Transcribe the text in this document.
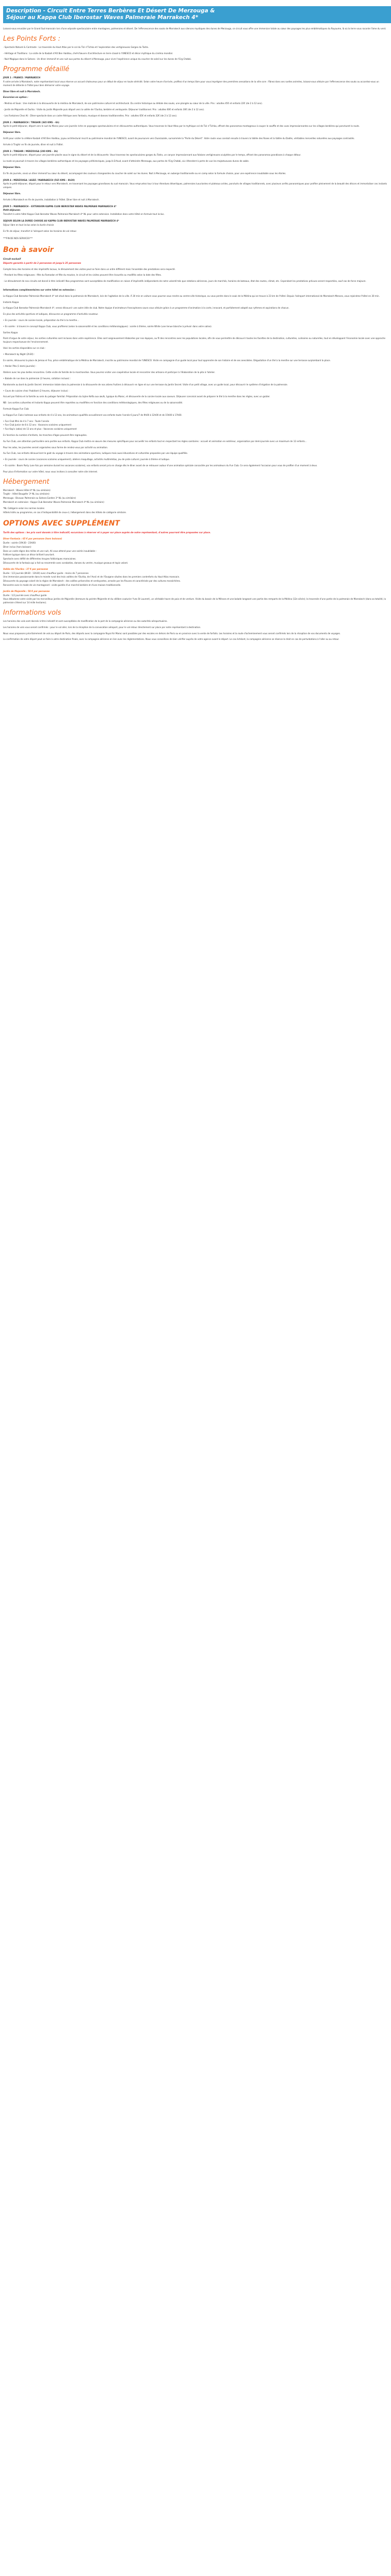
Description - Circuit Entre Terres Berbères Et Désert De Merzouga &
Séjour au Kappa Club Iberostar Waves Palmeraie Marrakech 4*

Laissez-vous envoûter par le Grand Sud marocain lors d'une odyssée spectaculaire entre montagnes, palmeraies et désert. De l'effervescence des souks de Marrakech aux silences mystiques des dunes de Merzouga, ce circuit vous offre une immersion totale au cœur des paysages les plus emblématiques du Royaume, là où la terre vous raconte l'âme du vent.

Les Points Forts :

- Spectacle Naturel & Contraste : La traversée du Haut Atlas par le col du Tizi n'Tichka et l'exploration des vertigineuses Gorges du Todra.

- Héritage et Traditions : La visite de la Kasbah d'Aït Ben Haddou, chef-d'œuvre d'architecture en terre classé à l'UNESCO et décor mythique du cinéma mondial.

- Nuit Magique dans le Sahara : Un dîner immersif et une nuit aux portes du désert à Merzouga, pour vivre l'expérience unique du coucher de soleil sur les dunes de l'Erg Chebbi.

Programme détaillé
JOUR 1 : FRANCE / MARRAKECH

À votre arrivée à Marrakech, notre représentant local vous réserve un accueil chaleureux pour un début de séjour en toute sérénité. Selon votre heure d'arrivée, profitez d'un temps libre pour vous imprégner des premières sensations de la ville ocre : flânez dans ses ruelles animées, laissez-vous séduire par l'effervescence des souks ou accordez-vous un moment de détente à l'hôtel pour bien démarrer votre voyage.

Dîner libre et nuit à Marrakech.

Excursion en option :

- Medina et Souk : Une matinée à la découverte de la médina de Marrakech, de son patrimoine culturel et architectural. Du centre historique au dédale des souks, une plongée au cœur de la ville. Prix : adultes 45€ et enfants 22€ (de 2 à 12 ans).

- Jardin de Majorelle et Ourika : Visite du jardin Majorelle puis départ vers la vallée de l'Ourika, berbère et verdoyante. Déjeuner traditionnel. Prix : adultes 60€ et enfants 30€ (de 2 à 12 ans).

- Les Fontaines Chez Ali : Dîner-spectacle dans un cadre féérique avec fantasia, musique et danses traditionnelles. Prix : adultes 65€ et enfants 32€ (de 2 à 12 ans).

JOUR 2 : MARRAKECH / TINGHIR (365 KMS – 6h)

Après le petit-déjeuner, départ vers le sud du Maroc pour une journée riche en paysages spectaculaires et en découvertes authentiques. Vous traversez le Haut Atlas par le mythique col de Tizi n'Tichka, offrant des panoramas montagneux à couper le souffle et des vues impressionnantes sur les villages berbères qui ponctuent la route.

Déjeuner libre.

Arrêt pour visiter la célèbre Kasbah d'Aït Ben Haddou, joyau architectural inscrit au patrimoine mondial de l'UNESCO, avant de poursuivre vers Ouarzazate, surnommée la "Porte du Désert". Votre route vous conduit ensuite à travers la Vallée des Roses et la Vallée du Dadès, véritables merveilles naturelles aux paysages contrastés.

Arrivée à Tinghir en fin de journée, dîner et nuit à l'hôtel.

JOUR 3 : TINGHIR / MERZOUGA (200 KMS – 3h)

Après le petit-déjeuner, départ pour une journée placée sous le signe du désert et de la découverte. Vous traversez les spectaculaires gorges du Todra, un canyon impressionnant aux falaises vertigineuses sculptées par le temps, offrant des panoramas grandioses à chaque détour.

La route se poursuit à travers les villages berbères authentiques et les paysages préhistoriques, jusqu'à Erfoud, avant d'atteindre Merzouga, aux portes de l'Erg Chebbi, où s'étendent à perte de vue les majestueuses dunes de sable.

Déjeuner libre.

En fin de journée, vivez un dîner immersif au cœur du désert, accompagné des couleurs changeantes du coucher de soleil sur les dunes. Nuit à Merzouga, en auberge traditionnelle ou en camp selon la formule choisie, pour une expérience inoubliable sous les étoiles.

JOUR 4 : MERZOUGA / AGDZ / MARRAKECH (565 KMS – 8h30)

Après le petit-déjeuner, départ pour le retour vers Marrakech, en traversant les paysages grandioses du sud marocain. Vous empruntez tour à tour étendues désertiques, palmeraies luxuriantes et plateaux arides, ponctués de villages traditionnels, avec plusieurs arrêts panoramiques pour profiter pleinement de la beauté des décors et immortaliser ces instants uniques.

Déjeuner libre.

Arrivée à Marrakech en fin de journée, installation à l'hôtel. Dîner libre et nuit à Marrakech.

JOUR 5 : MARRAKECH – EXTENSION KAPPA CLUB IBEROSTAR WAVES PALMERAIE MARRAKECH 4*

Petit-déjeuner.

Transfert à votre hôtel Kappa Club Iberostar Waves Palmeraie Marrakech 4* NL pour votre extension. Installation dans votre hôtel en formule tout inclus.

SEJOUR SELON LA DUREE CHOISIE AU KAPPA CLUB IBEROSTAR WAVES PALMERAIE MARRAKECH 4*

Séjour libre en tout inclus selon la durée choisie

En fin de séjour, transfert à l'aéroport selon les horaires de vol retour.

***FIN DE NOS SERVICES***

Bon à savoir

Circuit exclusif

Départs garantis à partir de 2 personnes et jusqu'à 25 personnes

Compte tenu des horaires et des impératifs locaux, le déroulement des visites peut se faire dans un ordre différent mais l'ensemble des prestations sera respecté.

- Pendant les fêtes religieuses : fête du Ramadan et fête du mouton, le circuit et les visites peuvent être écourtés ou modifiés selon la date des fêtes.

- Le déroulement de nos circuits est donné à titre indicatif. Nos programmes sont susceptibles de modification en raison d'impératifs indépendants de notre volonté tels que rotations aériennes, jours de marchés, horaires de bateaux, état des routes, climat, etc. Cependant les prestations prévues seront respectées, sauf cas de force majeure.

Informations complémentaires sur votre hôtel en extension :

Le Kappa Club Iberostar Palmeraie Marrakech 4* est situé dans la palmeraie de Marrakech, loin de l'agitation de la ville. À 30 min en voiture vous pourrez vous rendre au centre-ville historique, ou vous perdre dans le souk de la Médina qui se trouve à 23 km de l'hôtel. Depuis l'aéroport international de Marrakech-Menara, vous rejoindrez l'hôtel en 30 min.

Instants Kappa

Le Kappa Club Iberostar Palmeraie Marrakech 4*, venez découvrir une autre idée de club. Notre équipe d'animateurs francophones saura vous séduire grâce à un programme d'animation à la carte, innovant, et parfaitement adapté aux rythmes et aspirations de chacun.

En plus des activités sportives et ludiques, découvrez un programme d'activités novateur.

• En journée : cours de cuisine locale, préparation du thé à la menthe…

• En soirée : à travers le concept Kappa Club, vous profiterez (selon la saisonnalité et les conditions météorologiques) : soirée à thème, soirée White (une tenue blanche à prévoir dans votre valise).

Sorties Kappa

Point d'orgue de votre séjour, les sorties culturelles sont incluses dans votre expérience. Elles sont soigneusement élaborées par nos équipes, au fil des rencontres avec les populations locales, afin de vous permettre de découvrir toutes les facettes de la destination, culturelles, culinaires ou naturelles, tout en développant l'économie locale avec une approche toujours respectueuse de l'environnement.

Voici les sorties disponibles sur ce club :

• Marrakech by Night (2h30) :

En soirée, découvrez la place de Jemaa el Fna, pièce emblématique de la Médina de Marrakech, inscrite au patrimoine mondial de l'UNESCO. Visite en compagnie d'un guide local pour tout apprendre de son histoire et de ses anecdotes. Dégustation d'un thé à la menthe sur une terrasse surplombant la place.

• Atelier Pita (1 demi-journée) :

Ateliers avec les plus belles rencontres. Cette visite de famille de la marchandise. Vous pourrez visiter une coopérative locale et rencontrer des artisans et participer à l'élaboration de la pita à l'atelier.

• Balade de rue dans la palmeraie (2 heures, collation incluse) :

Randonnée au bord du Jardin Secret: immersion totale dans la palmeraie à la découverte de nos arbres fruitiers à découvrir en ligne et sur une terrasse du Jardin Secret. Visite d'un petit village, avec un guide local, pour découvrir le système d'irrigation de la palmeraie.

• Cours de cuisine chez l'habitant (2 heures, déjeuner inclus) :

Accueil par Fatima et la famille au sein du potager familial. Préparation du tajine Kefta aux œufs, typique du Maroc, et découverte de la cuisine locale aux saveurs. Déjeuner convivial avant de préparer le thé à la menthe dans les règles, avec un goûter.

NB : Les sorties culturelles et Instants Kappa peuvent être reportées ou modifiées en fonction des conditions météorologiques, des fêtes religieuses ou de la saisonnalité.

Formule Kappa Fun Club

Le Kappa Fun Club s'adresse aux enfants de 4 à 12 ans, les animateurs qualifiés accueilleront vos enfants toute l'année 6 jours/7 de 9h00 à 12h00 et de 15h00 à 17h00.

• Fun Club Mini de 4 à 7 ans : Toute l'année

• Fun Club Junior de 8 à 12 ans : Vacances scolaires uniquement

• Fun Kap's (ados) de 13 ans et plus : Vacances scolaires uniquement

En fonction du nombre d'enfants, les tranches d'âges peuvent être regroupées.

Au Fun Club, une attention particulière sera portée aux enfants. Kappa Club mettra en œuvre des mesures spécifiques pour accueillir les enfants tout en respectant les règles sanitaires : accueil et animation en extérieur, organisation par demi-journée avec un maximum de 12 enfants…

Pour les ados, les journées seront organisées sous forme de rendez-vous par activité ou animation.

Au Fun Club, nos enfants découvriront le goût du voyage à travers des animations sportives, ludiques mais aussi éducatives et culturelles proposées par une équipe qualifiée.

• En journée : cours de cuisine (vacances scolaires uniquement), ateliers maquillage, activités multimédias, jeu de piste culturel, journée à thème et ludique.

• En soirée : Boom Party (une fois par semaine durant les vacances scolaires), vos enfants seront pris en charge dès le dîner avant de se retrouver autour d'une animation spéciale concoctée par les animateurs du Fun Club. Ce sera également l'occasion pour vous de profiter d'un moment à deux.

Pour plus d'information sur votre hôtel, nous vous invitons à consulter notre site internet.

Hébergement

Marrakech : Waves Hôtel 4* NL (ou similaire)

Tinghir : Hôtel Bougafer 3* NL (ou similaire)

Merzouga : Bivouac Palmeraie ou Sahara Garden 3* NL (ou similaire)

Marrakech en extension : Kappa Club Iberostar Waves Palmeraie Marrakech 4* NL (ou similaire)

*NL Catégorie selon les normes locales

Hôtels listés au programme, en cas d'indisponibilité de ceux-ci, hébergement dans des hôtels de catégorie similaire.

OPTIONS AVEC SUPPLÉMENT

Tarifs des options : les prix sont donnés à titre indicatif, excursions à réserver et à payer sur place auprès de notre représentant, d'autres pourront être proposées sur place.

Dîner Fantasia : 65 € par personne (hors boisson)

Durée : soirée (19h30 - 23h00)

Dîner inclus (hors boisson)

Dans un cadre digne des milles et une nuit, Ali vous attend pour une soirée inoubliable :

Folklore typique dans un décor brillant luxuriant.

Spectacle avec défilé de différentes troupes folkloriques marocaines.

Découverte de la fantasia qui a fait sa renommée avec acrobaties, danses du ventre, musique gnaoua et tapis volant.

Vallée de l'Ourika : 37 € par personne

Durée : 1/2 journée (8h30 - 13h30) avec chauffeur guide - moins de 7 personnes

Une immersion passionnante dans le monde rural des trois vallées de l'Ourika, de l'Asnii et de l'Ourgane situées dans les premiers contreforts du Haut Atlas marocain.

Découverte du paysage coloré de la région de Marrakech : des vallées préservées et verdoyantes, arrosée par les fleuves et caractérisée par des cultures maraîchères.

Rencontre avec le mode de vie montagnard : visite guidée d'un marché berbère et d'une maison traditionnelle.

Jardin de Majorelle : 50 € par personne

Durée : 1/2 journée avec chauffeur guide

Vous débuterez votre visite par les merveilleux jardins de Majorelle (demeure du peintre Majorelle et du célèbre couturier Yves St Laurent), un véritable havre de paix et de verdure. Visite du bassin de la Ménara et une balade longeant une partie des remparts de la Médina (12e siècle); la traversée d'une partie de la palmeraie de Marrakech (dans sa totalité, la palmeraie s'étend sur 14 mille hectares).

Informations vols

Les horaires des vols sont donnés à titre indicatif et sont susceptibles de modification de la part de la compagnie aérienne ou des autorités aéroportuaires.

Les horaires de vols vous seront confirmés : pour le vol aller, lors de la réception de la convocation aéroport, pour le vol retour directement sur place par notre représentant à destination.

Nous vous proposons prioritairement de vols au départ de Paris, des départs avec la compagnie Royal Air Maroc sont possibles par des escales en dehors de Paris ou en province avec la vente de forfaits. Les horaires et la route d'acheminement vous seront confirmés lors de la réception de vos documents de voyages.

La confirmation de votre départ peut se faire à votre destination finale, avec la compagnie aérienne en lien avec les réglementations. Nous vous conseillons de bien vérifier auprès de votre agence avant le départ. Le cas échéant, la compagnie aérienne se réserve le droit en cas de perturbations à l'aller ou au retour.
